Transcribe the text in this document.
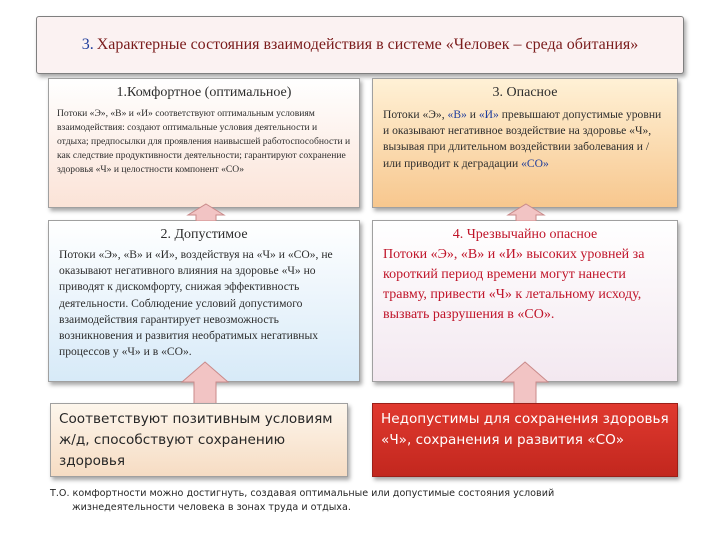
3. Характерные состояния взаимодействия в системе «Человек – среда обитания»
1.Комфортное (оптимальное)
Потоки «Э», «В» и «И» соответствуют оптимальным условиям взаимодействия: создают оптимальные условия деятельности и отдыха; предпосылки для проявления наивысшей работоспособности и как следствие продуктивности деятельности; гарантируют сохранение здоровья «Ч» и целостности компонент «СО»
3. Опасное
Потоки «Э», «В» и «И» превышают допустимые уровни и оказывают негативное воздействие на здоровье «Ч», вызывая при длительном воздействии заболевания и / или приводит к деградации «СО»
2. Допустимое
Потоки «Э», «В» и «И», воздействуя на «Ч» и «СО», не оказывают негативного влияния на здоровье «Ч» но приводят к дискомфорту, снижая эффективность деятельности. Соблюдение условий допустимого взаимодействия гарантирует невозможность возникновения и развития необратимых негативных процессов у «Ч» и в «СО».
4. Чрезвычайно опасное
Потоки «Э», «В» и «И» высоких уровней за короткий период времени могут нанести травму, привести «Ч» к летальному исходу, вызвать разрушения в «СО».
Соответствуют позитивным условиям ж/д, способствуют сохранению здоровья
Недопустимы для сохранения здоровья «Ч», сохранения и развития «СО»
Т.О. комфортности можно достигнуть, создавая оптимальные или допустимые состояния условий
жизнедеятельности человека в зонах труда и отдыха.
